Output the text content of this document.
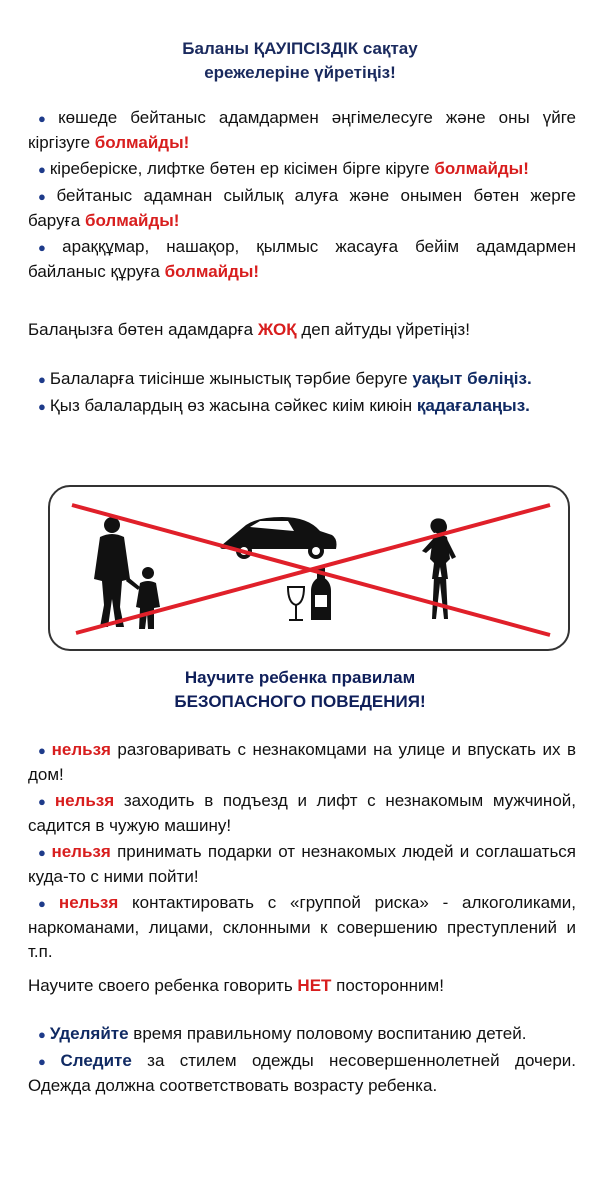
Баланы ҚАУІПСІЗДІК сақтау
ережелеріне үйретіңіз!
● көшеде бейтаныс адамдармен әңгімелесуге және оны үйге кіргізуге болмайды!
● кіреберіске, лифтке бөтен ер кісімен бірге кіруге болмайды!
● бейтаныс адамнан сыйлық алуға және онымен бөтен жерге баруға болмайды!
● араққұмар, нашақор, қылмыс жасауға бейім адамдармен байланыс құруға болмайды!
Балаңызға бөтен адамдарға ЖОҚ деп айтуды үйретіңіз!
● Балаларға тиісінше жыныстық тәрбие беруге уақыт бөліңіз.
● Қыз балалардың өз жасына сәйкес киім киюін қадағалаңыз.
Научите ребенка правилам
БЕЗОПАСНОГО ПОВЕДЕНИЯ!
● нельзя разговаривать с незнакомцами на улице и впускать их в дом!
● нельзя заходить в подъезд и лифт с незнакомым мужчиной, садится в чужую машину!
● нельзя принимать подарки от незнакомых людей и соглашаться куда-то с ними пойти!
● нельзя контактировать с «группой риска» - алкоголиками, наркоманами, лицами, склонными к совершению преступлений и т.п.
Научите своего ребенка говорить НЕТ посторонним!
● Уделяйте время правильному половому воспитанию детей.
● Следите за стилем одежды несовершеннолетней дочери. Одежда должна соответствовать возрасту ребенка.
